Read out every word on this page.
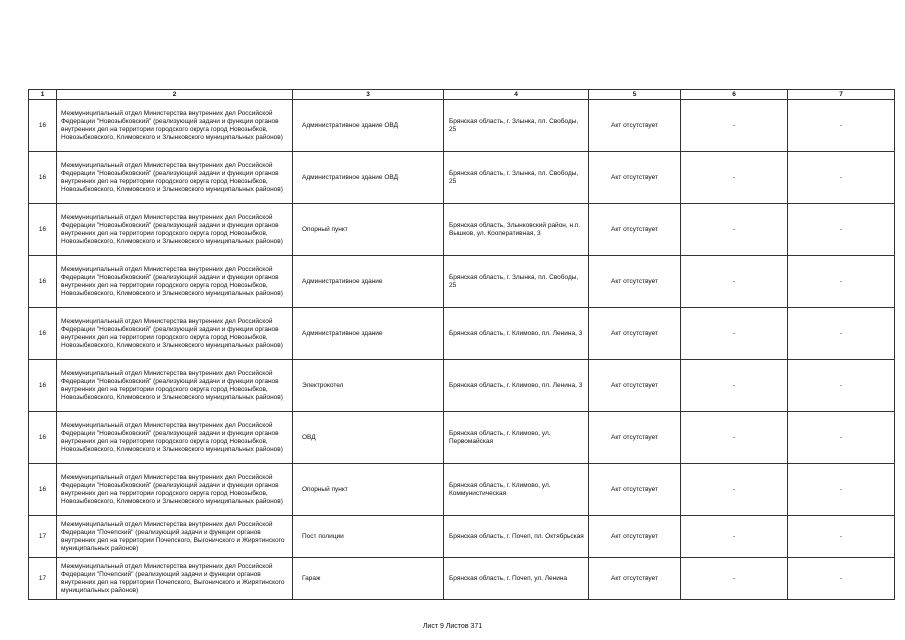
1	2	3	4	5	6	7
16	Межмуниципальный отдел Министерства внутренних дел Российской Федерации "Новозыбковский" (реализующий задачи и функции органов внутренних дел на территории городского округа город Новозыбков, Новозыбковского, Климовского и Злынковского муниципальных районов)	Административное здание ОВД	Брянская область, г. Злынка, пл. Свободы, 25	Акт отсутствует	-	-
16	Межмуниципальный отдел Министерства внутренних дел Российской Федерации "Новозыбковский" (реализующий задачи и функции органов внутренних дел на территории городского округа город Новозыбков, Новозыбковского, Климовского и Злынковского муниципальных районов)	Административное здание ОВД	Брянская область, г. Злынка, пл. Свободы, 25	Акт отсутствует	-	-
16	Межмуниципальный отдел Министерства внутренних дел Российской Федерации "Новозыбковский" (реализующий задачи и функции органов внутренних дел на территории городского округа город Новозыбков, Новозыбковского, Климовского и Злынковского муниципальных районов)	Опорный пункт	Брянская область, Злынковский район, н.п. Вышков, ул. Кооперативная, 3	Акт отсутствует	-	-
16	Межмуниципальный отдел Министерства внутренних дел Российской Федерации "Новозыбковский" (реализующий задачи и функции органов внутренних дел на территории городского округа город Новозыбков, Новозыбковского, Климовского и Злынковского муниципальных районов)	Административное здание	Брянская область, г. Злынка, пл. Свободы, 25	Акт отсутствует	-	-
16	Межмуниципальный отдел Министерства внутренних дел Российской Федерации "Новозыбковский" (реализующий задачи и функции органов внутренних дел на территории городского округа город Новозыбков, Новозыбковского, Климовского и Злынковского муниципальных районов)	Административное здание	Брянская область, г. Климово, пл. Ленина, 3	Акт отсутствует	-	-
16	Межмуниципальный отдел Министерства внутренних дел Российской Федерации "Новозыбковский" (реализующий задачи и функции органов внутренних дел на территории городского округа город Новозыбков, Новозыбковского, Климовского и Злынковского муниципальных районов)	Электрокотел	Брянская область, г. Климово, пл. Ленина, 3	Акт отсутствует	-	-
16	Межмуниципальный отдел Министерства внутренних дел Российской Федерации "Новозыбковский" (реализующий задачи и функции органов внутренних дел на территории городского округа город Новозыбков, Новозыбковского, Климовского и Злынковского муниципальных районов)	ОВД	Брянская область, г. Климово, ул. Первомайская	Акт отсутствует	-	-
16	Межмуниципальный отдел Министерства внутренних дел Российской Федерации "Новозыбковский" (реализующий задачи и функции органов внутренних дел на территории городского округа город Новозыбков, Новозыбковского, Климовского и Злынковского муниципальных районов)	Опорный пункт	Брянская область, г. Климово, ул. Коммунистическая	Акт отсутствует	-	-
17	Межмуниципальный отдел Министерства внутренних дел Российской Федерации "Почепский" (реализующий задачи и функции органов внутренних дел на территории Почепского, Выгоничского и Жирятинского муниципальных районов)	Пост полиции	Брянская область, г. Почеп, пл. Октябрьская	Акт отсутствует	-	-
17	Межмуниципальный отдел Министерства внутренних дел Российской Федерации "Почепский" (реализующий задачи и функции органов внутренних дел на территории Почепского, Выгоничского и Жирятинского муниципальных районов)	Гараж	Брянская область, г. Почеп, ул. Ленина	Акт отсутствует	-	-
Лист 9 Листов 371
